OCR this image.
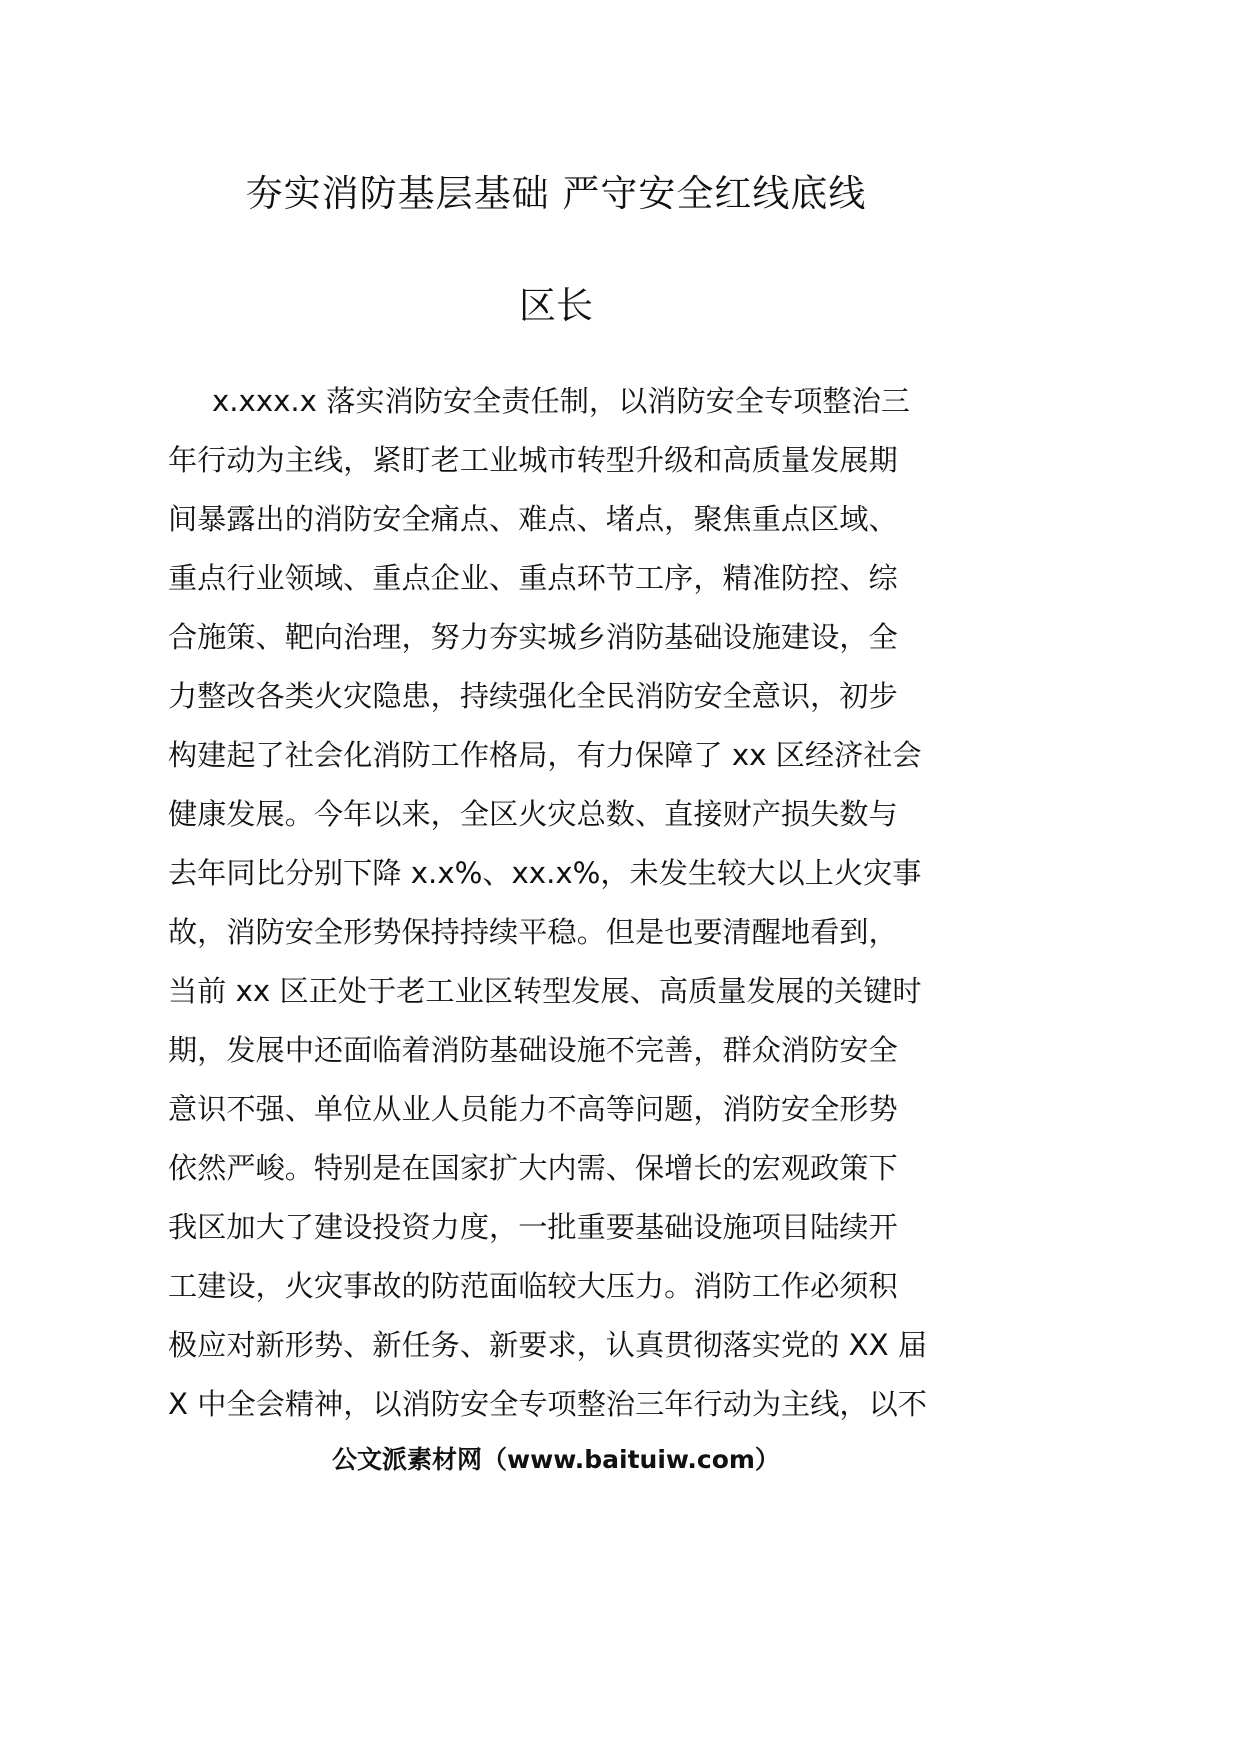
夯实消防基层基础 严守安全红线底线
区长
x.xxx.x 落实消防安全责任制，以消防安全专项整治三
年行动为主线，紧盯老工业城市转型升级和高质量发展期
间暴露出的消防安全痛点、难点、堵点，聚焦重点区域、
重点行业领域、重点企业、重点环节工序，精准防控、综
合施策、靶向治理，努力夯实城乡消防基础设施建设，全
力整改各类火灾隐患，持续强化全民消防安全意识，初步
构建起了社会化消防工作格局，有力保障了 xx 区经济社会
健康发展。今年以来，全区火灾总数、直接财产损失数与
去年同比分别下降 x.x%、xx.x%，未发生较大以上火灾事
故，消防安全形势保持持续平稳。但是也要清醒地看到，
当前 xx 区正处于老工业区转型发展、高质量发展的关键时
期，发展中还面临着消防基础设施不完善，群众消防安全
意识不强、单位从业人员能力不高等问题，消防安全形势
依然严峻。特别是在国家扩大内需、保增长的宏观政策下
我区加大了建设投资力度，一批重要基础设施项目陆续开
工建设，火灾事故的防范面临较大压力。消防工作必须积
极应对新形势、新任务、新要求，认真贯彻落实党的 XX 届
X 中全会精神，以消防安全专项整治三年行动为主线，以不
公文派素材网（www.baituiw.com）
